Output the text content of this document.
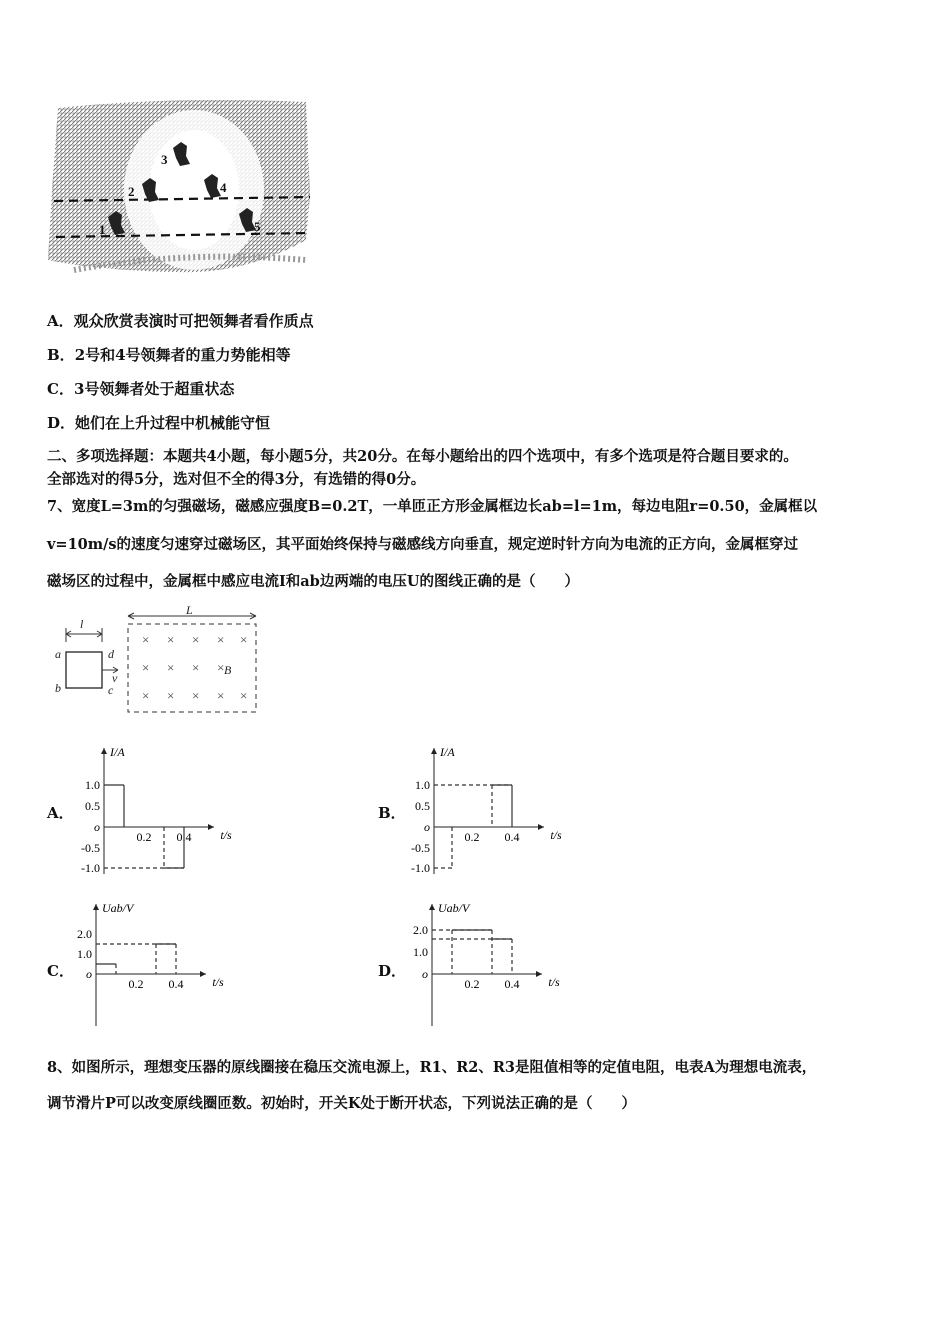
3
2	4
1	5
A．观众欣赏表演时可把领舞者看作质点
B．2号和4号领舞者的重力势能相等
C．3号领舞者处于超重状态
D．她们在上升过程中机械能守恒
二、多项选择题：本题共4小题，每小题5分，共20分。在每小题给出的四个选项中，有多个选项是符合题目要求的。
全部选对的得5分，选对但不全的得3分，有选错的得0分。
7、宽度L=3m的匀强磁场，磁感应强度B=0.2T，一单匝正方形金属框边长ab=l=1m，每边电阻r=0.50，金属框以
v=10m/s的速度匀速穿过磁场区，其平面始终保持与磁感线方向垂直，规定逆时针方向为电流的正方向，金属框穿过
磁场区的过程中，金属框中感应电流I和ab边两端的电压U的图线正确的是（　　）
l
L
a
b	c
d
v
B
× × × × ×
× × × ×
× × × × ×
A．
I/A
1.0
0.5
o
-0.5
-1.0
0.2 0.4 t/s
B．
I/A
1.0
0.5
o
-0.5
-1.0
0.2 0.4	t/s
C．
Uab/V
2.0
1.0
o
0.2 0.4 t/s
D．
Uab/V
2.0
1.0
o
0.2 0.4 t/s
8、如图所示，理想变压器的原线圈接在稳压交流电源上，R1、R2、R3是阻值相等的定值电阻，电表A为理想电流表，
调节滑片P可以改变原线圈匝数。初始时，开关K处于断开状态，下列说法正确的是（　　）
